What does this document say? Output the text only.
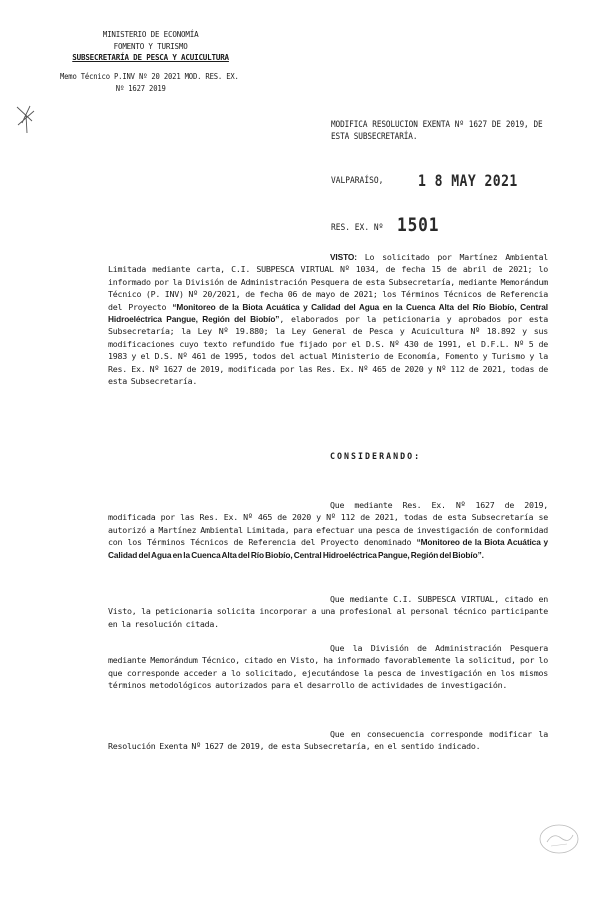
MINISTERIO DE ECONOMÍA
FOMENTO Y TURISMO
SUBSECRETARÍA DE PESCA Y ACUICULTURA
Memo Técnico P.INV Nº 20 2021 MOD. RES. EX.
Nº 1627 2019
MODIFICA RESOLUCION EXENTA Nº 1627 DE 2019, DE ESTA SUBSECRETARÍA.
VALPARAÍSO, 1 8 MAY 2021
RES. EX. Nº 1501
VISTO: Lo solicitado por Martínez Ambiental Limitada mediante carta, C.I. SUBPESCA VIRTUAL Nº 1034, de fecha 15 de abril de 2021; lo informado por la División de Administración Pesquera de esta Subsecretaría, mediante Memorándum Técnico (P. INV) Nº 20/2021, de fecha 06 de mayo de 2021; los Términos Técnicos de Referencia del Proyecto “Monitoreo de la Biota Acuática y Calidad del Agua en la Cuenca Alta del Río Biobío, Central Hidroeléctrica Pangue, Región del Biobío”, elaborados por la peticionaria y aprobados por esta Subsecretaría; la Ley Nº 19.880; la Ley General de Pesca y Acuicultura Nº 18.892 y sus modificaciones cuyo texto refundido fue fijado por el D.S. Nº 430 de 1991, el D.F.L. Nº 5 de 1983 y el D.S. Nº 461 de 1995, todos del actual Ministerio de Economía, Fomento y Turismo y la Res. Ex. Nº 1627 de 2019, modificada por las Res. Ex. Nº 465 de 2020 y Nº 112 de 2021, todas de esta Subsecretaría.
CONSIDERANDO:
Que mediante Res. Ex. Nº 1627 de 2019, modificada por las Res. Ex. Nº 465 de 2020 y Nº 112 de 2021, todas de esta Subsecretaría se autorizó a Martínez Ambiental Limitada, para efectuar una pesca de investigación de conformidad con los Términos Técnicos de Referencia del Proyecto denominado “Monitoreo de la Biota Acuática y Calidad del Agua en la Cuenca Alta del Río Biobío, Central Hidroeléctrica Pangue, Región del Biobío”.
Que mediante C.I. SUBPESCA VIRTUAL, citado en Visto, la peticionaria solicita incorporar a una profesional al personal técnico participante en la resolución citada.
Que la División de Administración Pesquera mediante Memorándum Técnico, citado en Visto, ha informado favorablemente la solicitud, por lo que corresponde acceder a lo solicitado, ejecutándose la pesca de investigación en los mismos términos metodológicos autorizados para el desarrollo de actividades de investigación.
Que en consecuencia corresponde modificar la Resolución Exenta Nº 1627 de 2019, de esta Subsecretaría, en el sentido indicado.
